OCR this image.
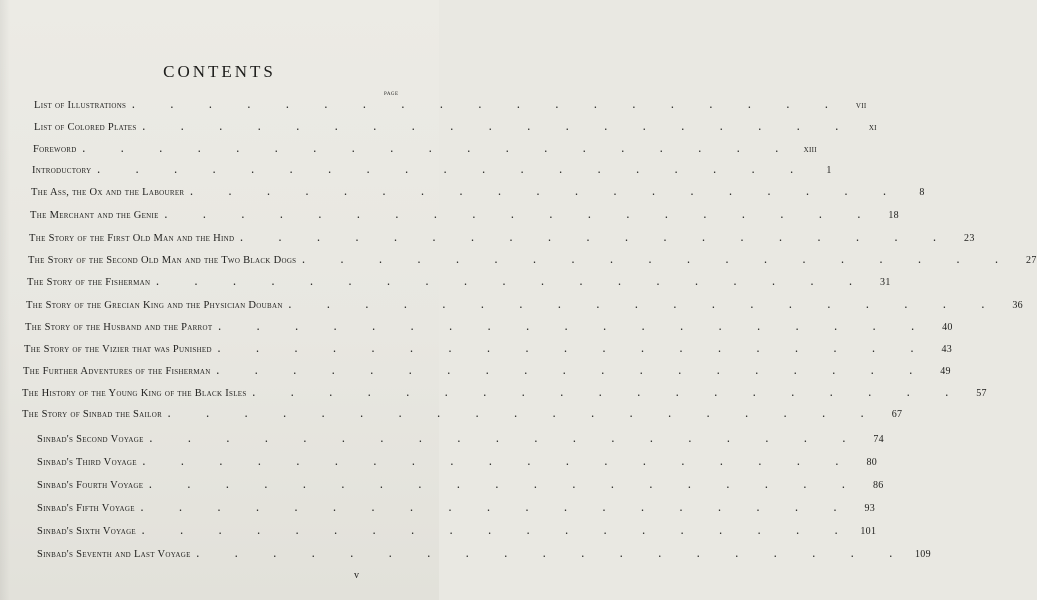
CONTENTS
PAGE
List of Illustrations . . . . . . . . . . . . . . . . . . .	vii
List of Colored Plates . . . . . . . . . . . . . . . . . . .	xi
Foreword . . . . . . . . . . . . . . . . . . . xiii
Introductory . . . . . . . . . . . . . . . . . . .	1
The Ass, the Ox and the Labourer . . . . . . . . . . . . . . . . . . .	8
The Merchant and the Genie . . . . . . . . . . . . . . . . . . .	18
The Story of the First Old Man and the Hind . . . . . . . . . . . . . . . . . . .	23
The Story of the Second Old Man and the Two Black Dogs . . . . . . . . . . . . . . . . . . .	27
The Story of the Fisherman . . . . . . . . . . . . . . . . . . .	31
The Story of the Grecian King and the Physician Douban . . . . . . . . . . . . . . . . . . .	36
The Story of the Husband and the Parrot . . . . . . . . . . . . . . . . . . .	40
The Story of the Vizier that was Punished . . . . . . . . . . . . . . . . . . .	43
The Further Adventures of the Fisherman . . . . . . . . . . . . . . . . . . .	49
The History of the Young King of the Black Isles . . . . . . . . . . . . . . . . . . .	57
The Story of Sinbad the Sailor . . . . . . . . . . . . . . . . . . .	67
Sinbad's Second Voyage . . . . . . . . . . . . . . . . . . .	74
Sinbad's Third Voyage . . . . . . . . . . . . . . . . . . .	80
Sinbad's Fourth Voyage . . . . . . . . . . . . . . . . . . .	86
Sinbad's Fifth Voyage . . . . . . . . . . . . . . . . . . .	93
Sinbad's Sixth Voyage . . . . . . . . . . . . . . . . . . . 101
Sinbad's Seventh and Last Voyage . . . . . . . . . . . . . . . . . . . 109
v
